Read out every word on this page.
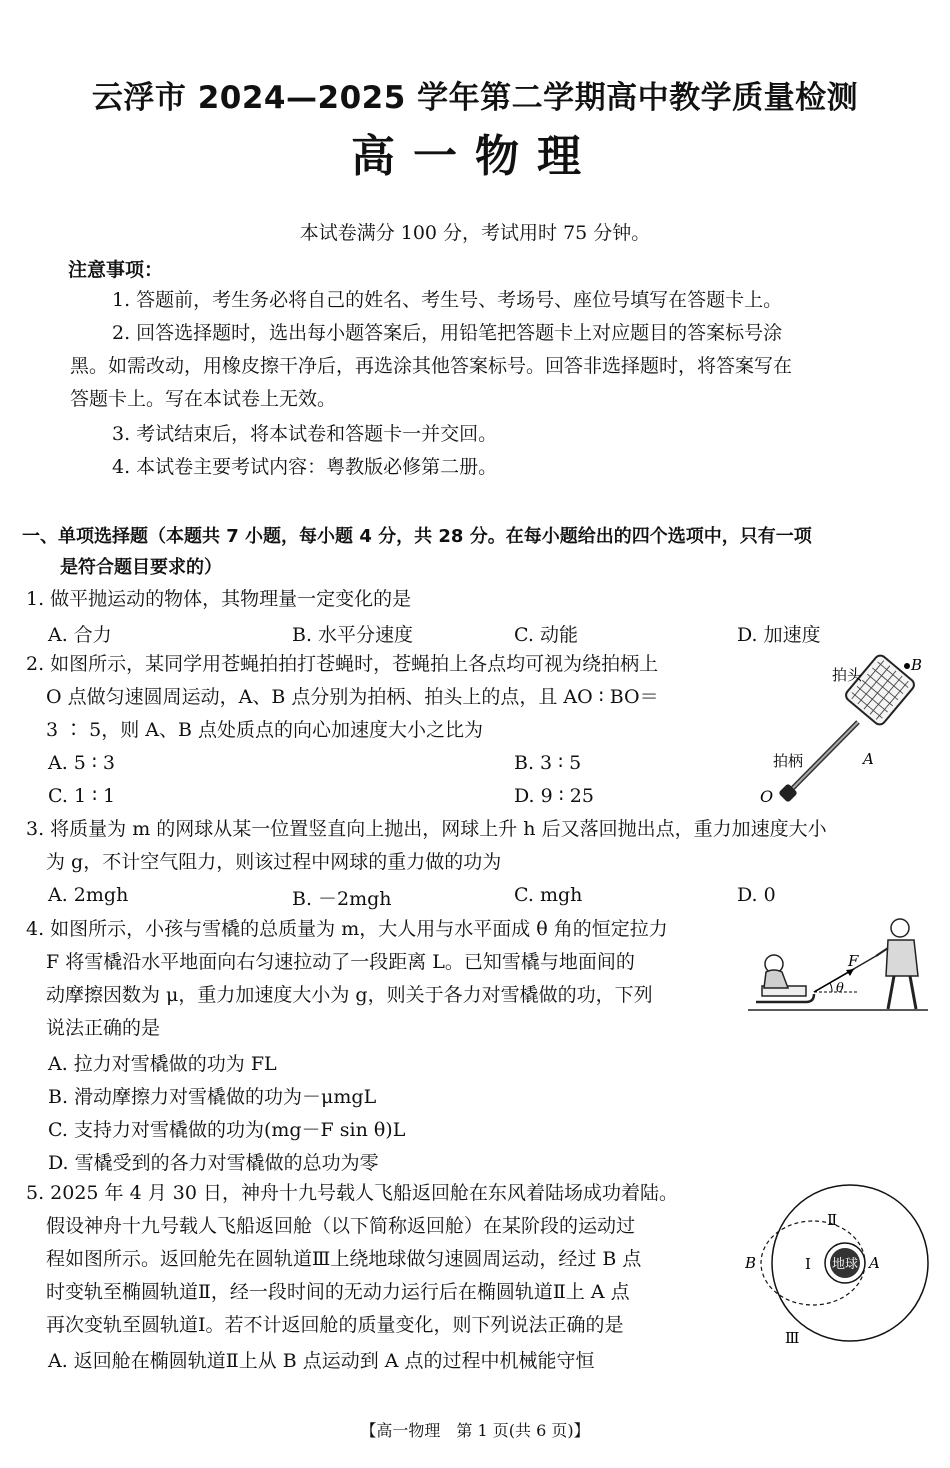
云浮市 2024—2025 学年第二学期高中教学质量检测
高一物理
本试卷满分 100 分，考试用时 75 分钟。
注意事项：
1. 答题前，考生务必将自己的姓名、考生号、考场号、座位号填写在答题卡上。
2. 回答选择题时，选出每小题答案后，用铅笔把答题卡上对应题目的答案标号涂
黑。如需改动，用橡皮擦干净后，再选涂其他答案标号。回答非选择题时，将答案写在
答题卡上。写在本试卷上无效。
3. 考试结束后，将本试卷和答题卡一并交回。
4. 本试卷主要考试内容：粤教版必修第二册。
一、单项选择题（本题共 7 小题，每小题 4 分，共 28 分。在每小题给出的四个选项中，只有一项
是符合题目要求的）
1. 做平抛运动的物体，其物理量一定变化的是
A. 合力	B. 水平分速度	C. 动能	D. 加速度
2. 如图所示，某同学用苍蝇拍拍打苍蝇时，苍蝇拍上各点均可视为绕拍柄上
O 点做匀速圆周运动，A、B 点分别为拍柄、拍头上的点，且 AO ∶ BO＝
3 ∶ 5，则 A、B 点处质点的向心加速度大小之比为
A. 5 ∶ 3	B. 3 ∶ 5
C. 1 ∶ 1	D. 9 ∶ 25
拍头
B
A
拍柄
O
3. 将质量为 m 的网球从某一位置竖直向上抛出，网球上升 h 后又落回抛出点，重力加速度大小
为 g，不计空气阻力，则该过程中网球的重力做的功为
A. 2mgh	B. －2mgh	C. mgh	D. 0
4. 如图所示，小孩与雪橇的总质量为 m，大人用与水平面成 θ 角的恒定拉力
F 将雪橇沿水平地面向右匀速拉动了一段距离 L。已知雪橇与地面间的
动摩擦因数为 μ，重力加速度大小为 g，则关于各力对雪橇做的功，下列
说法正确的是
A. 拉力对雪橇做的功为 FL
B. 滑动摩擦力对雪橇做的功为－μmgL
C. 支持力对雪橇做的功为(mg－F sin θ)L
D. 雪橇受到的各力对雪橇做的总功为零
F
θ
5. 2025 年 4 月 30 日，神舟十九号载人飞船返回舱在东风着陆场成功着陆。
假设神舟十九号载人飞船返回舱（以下简称返回舱）在某阶段的运动过
程如图所示。返回舱先在圆轨道Ⅲ上绕地球做匀速圆周运动，经过 B 点
时变轨至椭圆轨道Ⅱ，经一段时间的无动力运行后在椭圆轨道Ⅱ上 A 点
再次变轨至圆轨道Ⅰ。若不计返回舱的质量变化，则下列说法正确的是
A. 返回舱在椭圆轨道Ⅱ上从 B 点运动到 A 点的过程中机械能守恒
地球
Ⅱ
Ⅰ
Ⅲ
B	A
【高一物理　第 1 页(共 6 页)】
